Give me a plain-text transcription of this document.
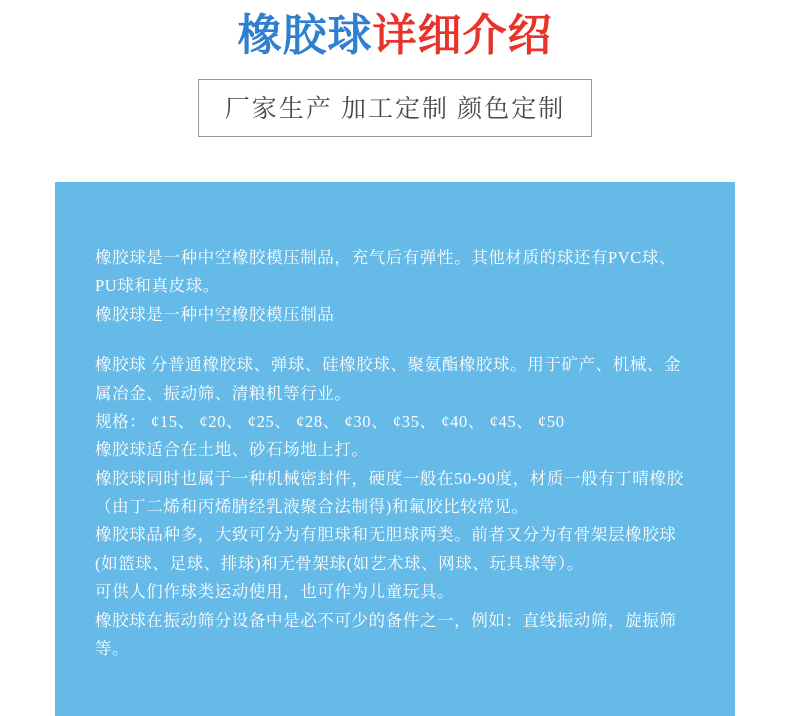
橡胶球详细介绍
厂家生产 加工定制 颜色定制

橡胶球是一种中空橡胶模压制品，充气后有弹性。其他材质的球还有PVC球、PU球和真皮球。

橡胶球是一种中空橡胶模压制品

橡胶球 分普通橡胶球、弹球、硅橡胶球、聚氨酯橡胶球。用于矿产、机械、金属冶金、振动筛、清粮机等行业。

规格： ¢15、 ¢20、 ¢25、 ¢28、 ¢30、 ¢35、 ¢40、 ¢45、 ¢50

橡胶球适合在土地、砂石场地上打。

橡胶球同时也属于一种机械密封件，硬度一般在50-90度，材质一般有丁晴橡胶（由丁二烯和丙烯腈经乳液聚合法制得)和氟胶比较常见。

橡胶球品种多，大致可分为有胆球和无胆球两类。前者又分为有骨架层橡胶球(如篮球、足球、排球)和无骨架球(如艺术球、网球、玩具球等）。

可供人们作球类运动使用，也可作为儿童玩具。

橡胶球在振动筛分设备中是必不可少的备件之一，例如：直线振动筛，旋振筛等。
